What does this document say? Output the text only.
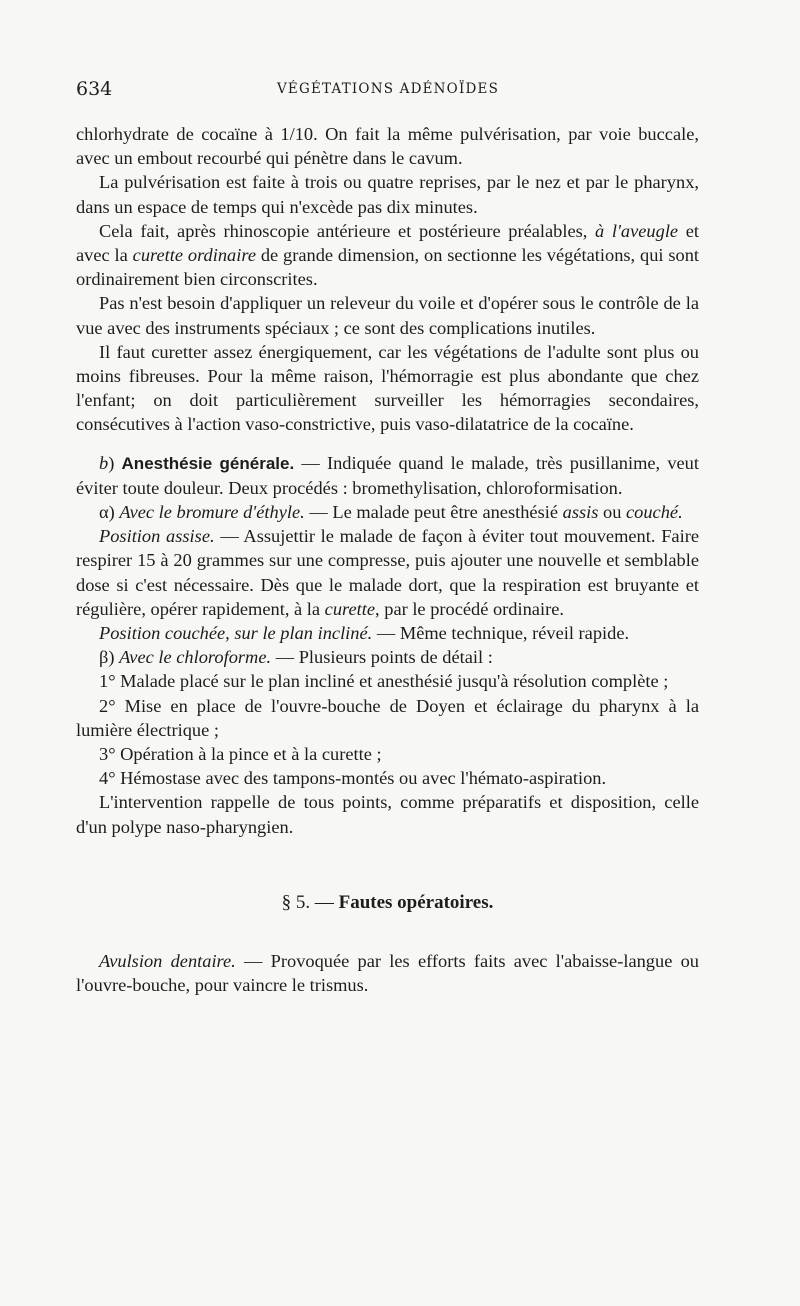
634	VÉGÉTATIONS ADÉNOÏDES

chlorhydrate de cocaïne à 1/10. On fait la même pulvérisation, par voie buccale, avec un embout recourbé qui pénètre dans le cavum.

La pulvérisation est faite à trois ou quatre reprises, par le nez et par le pharynx, dans un espace de temps qui n'excède pas dix minutes.

Cela fait, après rhinoscopie antérieure et postérieure préalables, à l'aveugle et avec la curette ordinaire de grande dimension, on sectionne les végétations, qui sont ordinairement bien circonscrites.

Pas n'est besoin d'appliquer un releveur du voile et d'opérer sous le contrôle de la vue avec des instruments spéciaux ; ce sont des complications inutiles.

Il faut curetter assez énergiquement, car les végétations de l'adulte sont plus ou moins fibreuses. Pour la même raison, l'hémorragie est plus abondante que chez l'enfant; on doit particulièrement surveiller les hémorragies secondaires, consécutives à l'action vaso-constrictive, puis vaso-dilatatrice de la cocaïne.

b) Anesthésie générale. — Indiquée quand le malade, très pusillanime, veut éviter toute douleur. Deux procédés : bromethylisation, chloroformisation.

α) Avec le bromure d'éthyle. — Le malade peut être anesthésié assis ou couché.

Position assise. — Assujettir le malade de façon à éviter tout mouvement. Faire respirer 15 à 20 grammes sur une compresse, puis ajouter une nouvelle et semblable dose si c'est nécessaire. Dès que le malade dort, que la respiration est bruyante et régulière, opérer rapidement, à la curette, par le procédé ordinaire.

Position couchée, sur le plan incliné. — Même technique, réveil rapide.

β) Avec le chloroforme. — Plusieurs points de détail :

1° Malade placé sur le plan incliné et anesthésié jusqu'à résolution complète ;

2° Mise en place de l'ouvre-bouche de Doyen et éclairage du pharynx à la lumière électrique ;

3° Opération à la pince et à la curette ;

4° Hémostase avec des tampons-montés ou avec l'hémato-aspiration.

L'intervention rappelle de tous points, comme préparatifs et disposition, celle d'un polype naso-pharyngien.

§ 5. — Fautes opératoires.

Avulsion dentaire. — Provoquée par les efforts faits avec l'abaisse-langue ou l'ouvre-bouche, pour vaincre le trismus.
